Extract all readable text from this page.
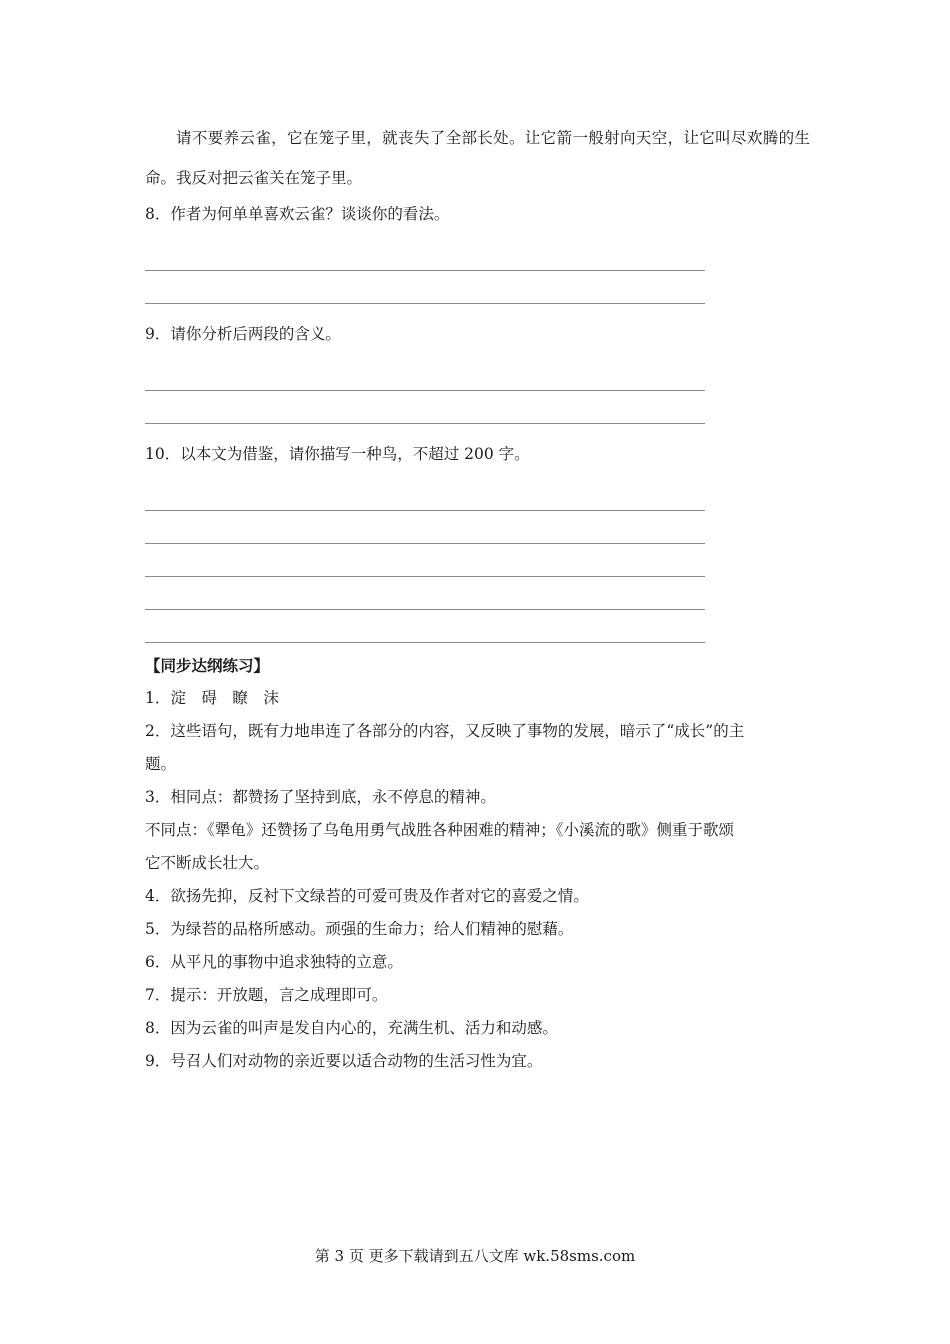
请不要养云雀，它在笼子里，就丧失了全部长处。让它箭一般射向天空，让它叫尽欢腾的生命。我反对把云雀关在笼子里。

8．作者为何单单喜欢云雀？谈谈你的看法。

9．请你分析后两段的含义。

10．以本文为借鉴，请你描写一种鸟，不超过 200 字。

【同步达纲练习】

1．淀　碍　瞭　沫

2．这些语句，既有力地串连了各部分的内容，又反映了事物的发展，暗示了“成长”的主

题。

3．相同点：都赞扬了坚持到底，永不停息的精神。

不同点：《犟龟》还赞扬了乌龟用勇气战胜各种困难的精神；《小溪流的歌》侧重于歌颂

它不断成长壮大。

4．欲扬先抑，反衬下文绿苔的可爱可贵及作者对它的喜爱之情。

5．为绿苔的品格所感动。顽强的生命力；给人们精神的慰藉。

6．从平凡的事物中追求独特的立意。

7．提示：开放题，言之成理即可。

8．因为云雀的叫声是发自内心的，充满生机、活力和动感。

9．号召人们对动物的亲近要以适合动物的生活习性为宜。

第 3 页 更多下载请到五八文库 wk.58sms.com
